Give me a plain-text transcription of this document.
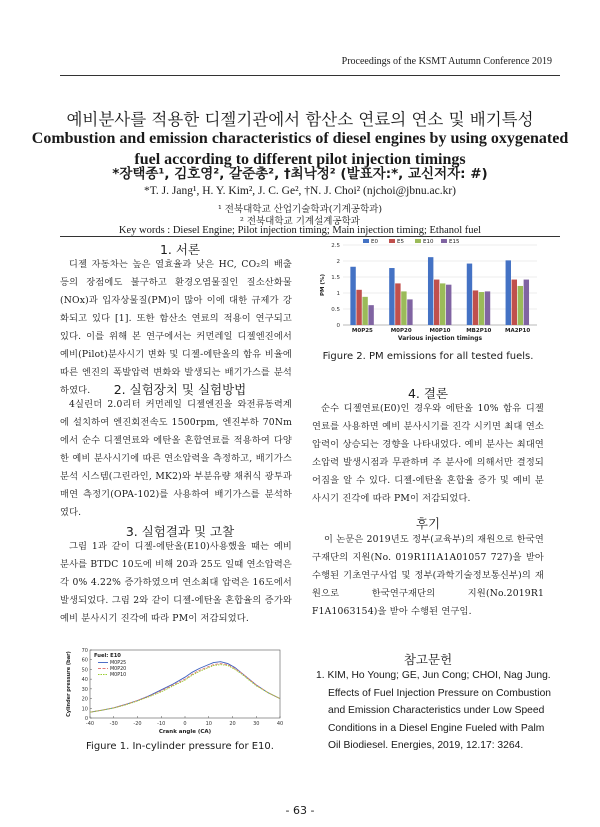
Proceedings of the KSMT Autumn Conference 2019
예비분사를 적용한 디젤기관에서 함산소 연료의 연소 및 배기특성
Combustion and emission characteristics of diesel engines by using oxygenated fuel according to different pilot injection timings
*장택종¹, 김호영², 갈준총², †최낙정² (발표자:*, 교신저자: #)
*T. J. Jang¹, H. Y. Kim², J. C. Ge², †N. J. Choi² (njchoi@jbnu.ac.kr)
¹ 전북대학교 산업기술학과(기계공학과)
² 전북대학교 기계설계공학과
Key words : Diesel Engine; Pilot injection timing; Main injection timing; Ethanol fuel
1. 서론
디젤 자동차는 높은 열효율과 낮은 HC, CO₂의 배출 등의 장점에도 불구하고 환경오염물질인 질소산화물(NOx)과 입자상물질(PM)이 많아 이에 대한 규제가 강화되고 있다 [1]. 또한 함산소 연료의 적용이 연구되고 있다. 이를 위해 본 연구에서는 커먼레일 디젤엔진에서 예비(Pilot)분사시기 변화 및 디젤-에탄올의 함유 비율에 따른 엔진의 폭발압력 변화와 발생되는 배기가스를 분석하였다.	2. 실험장치 및 실험방법
4실린더 2.0리터 커먼레일 디젤엔진을 와전류동력계에 설치하여 엔진회전속도 1500rpm, 엔진부하 70Nm에서 순수 디젤연료와 에탄올 혼합연료를 적용하여 다양한 예비 분사시기에 따른 연소압력을 측정하고, 배기가스 분석 시스템(그린라인, MK2)와 부분유량 채취식 광투과 매연 측정기(OPA-102)를 사용하여 배기가스를 분석하였다.
3. 실험결과 및 고찰
그림 1과 같이 디젤-에탄올(E10)사용했을 때는 예비 분사를 BTDC 10도에 비해 20과 25도 일때 연소압력은 각 0% 4.22% 증가하였으며 연소최대 압력은 16도에서 발생되었다. 그림 2와 같이 디젤-에탄올 혼합율의 증가와 예비 분사시기 진각에 따라 PM이 저감되었다.
0
10
20
30
40
50
60
70
-40	-30	-20	-10	0	10	20	30	40
Cylinder pressure (bar)
Crank angle (CA)
Fuel: E10
M0P25
M0P20
M0P10
Figure 1. In-cylinder pressure for E10.
0
0.5
1
1.5
2
2.5
PM (%)
M0P25	M0P20	M0P10	MB2P10 MA2P10
Various injection timings
E0	E5	E10	E15
Figure 2. PM emissions for all tested fuels.
4. 결론
순수 디젤연료(E0)인 경우와 에탄올 10% 함유 디젤연료를 사용하면 예비 분사시기를 진각 시키면 최대 연소압력이 상승되는 경향을 나타내었다. 예비 분사는 최대연소압력 발생시점과 무관하며 주 분사에 의해서만 결정되어짐을 알 수 있다. 디젤-에탄올 혼합율 증가 및 예비 분사시기 진각에 따라 PM이 저감되었다.
후기
이 논문은 2019년도 정부(교육부)의 재원으로 한국연구재단의 지원(No. 019R1I1A1A01057 727)을 받아 수행된 기초연구사업 및 정부(과학기술정보통신부)의 재원으로 한국연구재단의 지원(No.2019R1 F1A1063154)을 받아 수행된 연구임.
참고문헌
1. KIM, Ho Young; GE, Jun Cong; CHOI, Nag Jung. Effects of Fuel Injection Pressure on Combustion and Emission Characteristics under Low Speed Conditions in a Diesel Engine Fueled with Palm Oil Biodiesel. Energies, 2019, 12.17: 3264.
- 63 -
